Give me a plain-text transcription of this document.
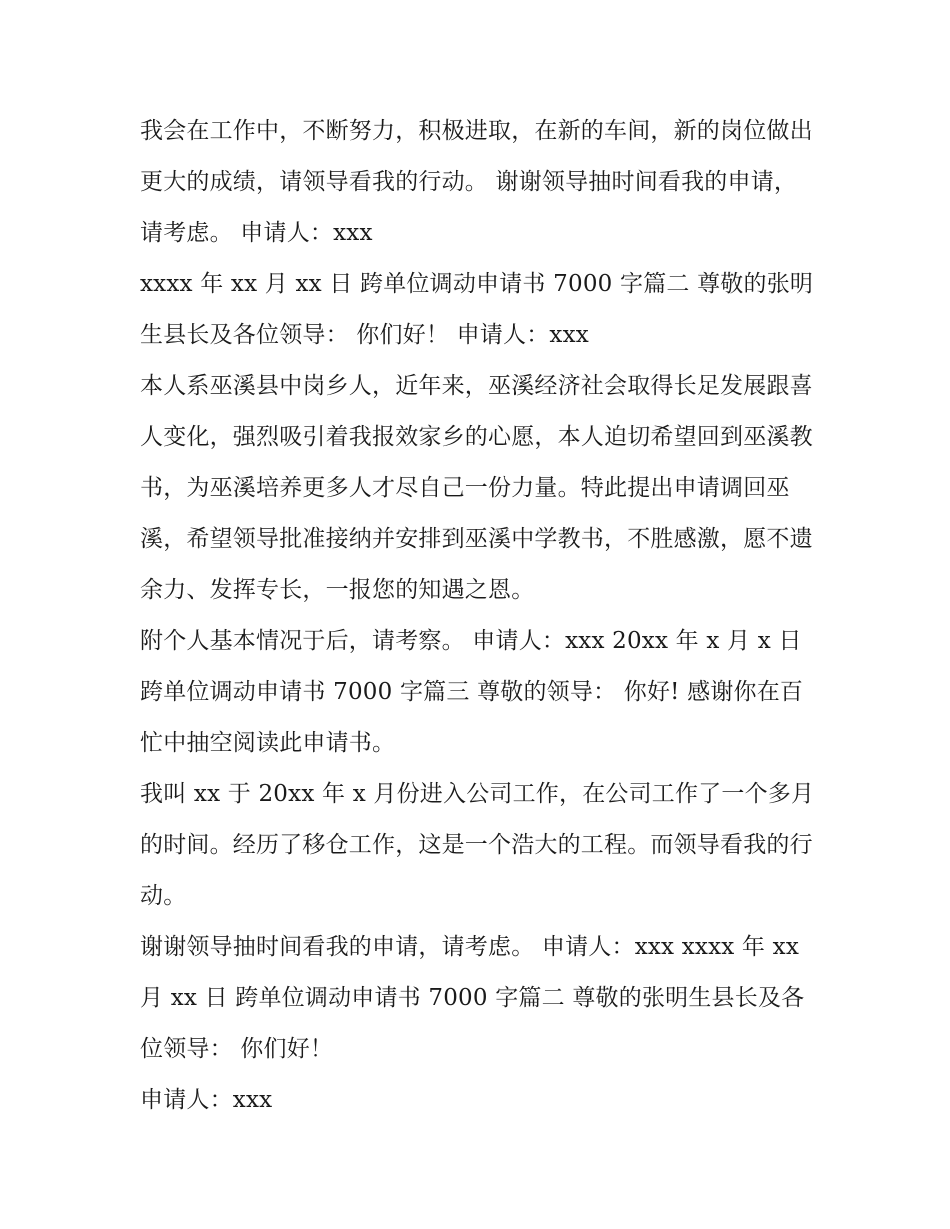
我会在工作中，不断努力，积极进取，在新的车间，新的岗位做出更大的成绩，请领导看我的行动。 谢谢领导抽时间看我的申请，请考虑。 申请人：xxx

xxxx 年 xx 月 xx 日 跨单位调动申请书 7000 字篇二 尊敬的张明生县长及各位领导： 你们好！ 申请人：xxx

本人系巫溪县中岗乡人，近年来，巫溪经济社会取得长足发展跟喜人变化，强烈吸引着我报效家乡的心愿，本人迫切希望回到巫溪教书，为巫溪培养更多人才尽自己一份力量。特此提出申请调回巫溪，希望领导批准接纳并安排到巫溪中学教书，不胜感激，愿不遗余力、发挥专长，一报您的知遇之恩。

附个人基本情况于后，请考察。 申请人：xxx 20xx 年 x 月 x 日 跨单位调动申请书 7000 字篇三 尊敬的领导： 你好! 感谢你在百忙中抽空阅读此申请书。

我叫 xx 于 20xx 年 x 月份进入公司工作，在公司工作了一个多月的时间。经历了移仓工作，这是一个浩大的工程。而领导看我的行动。

谢谢领导抽时间看我的申请，请考虑。 申请人：xxx xxxx 年 xx 月 xx 日 跨单位调动申请书 7000 字篇二 尊敬的张明生县长及各位领导： 你们好！

申请人：xxx
